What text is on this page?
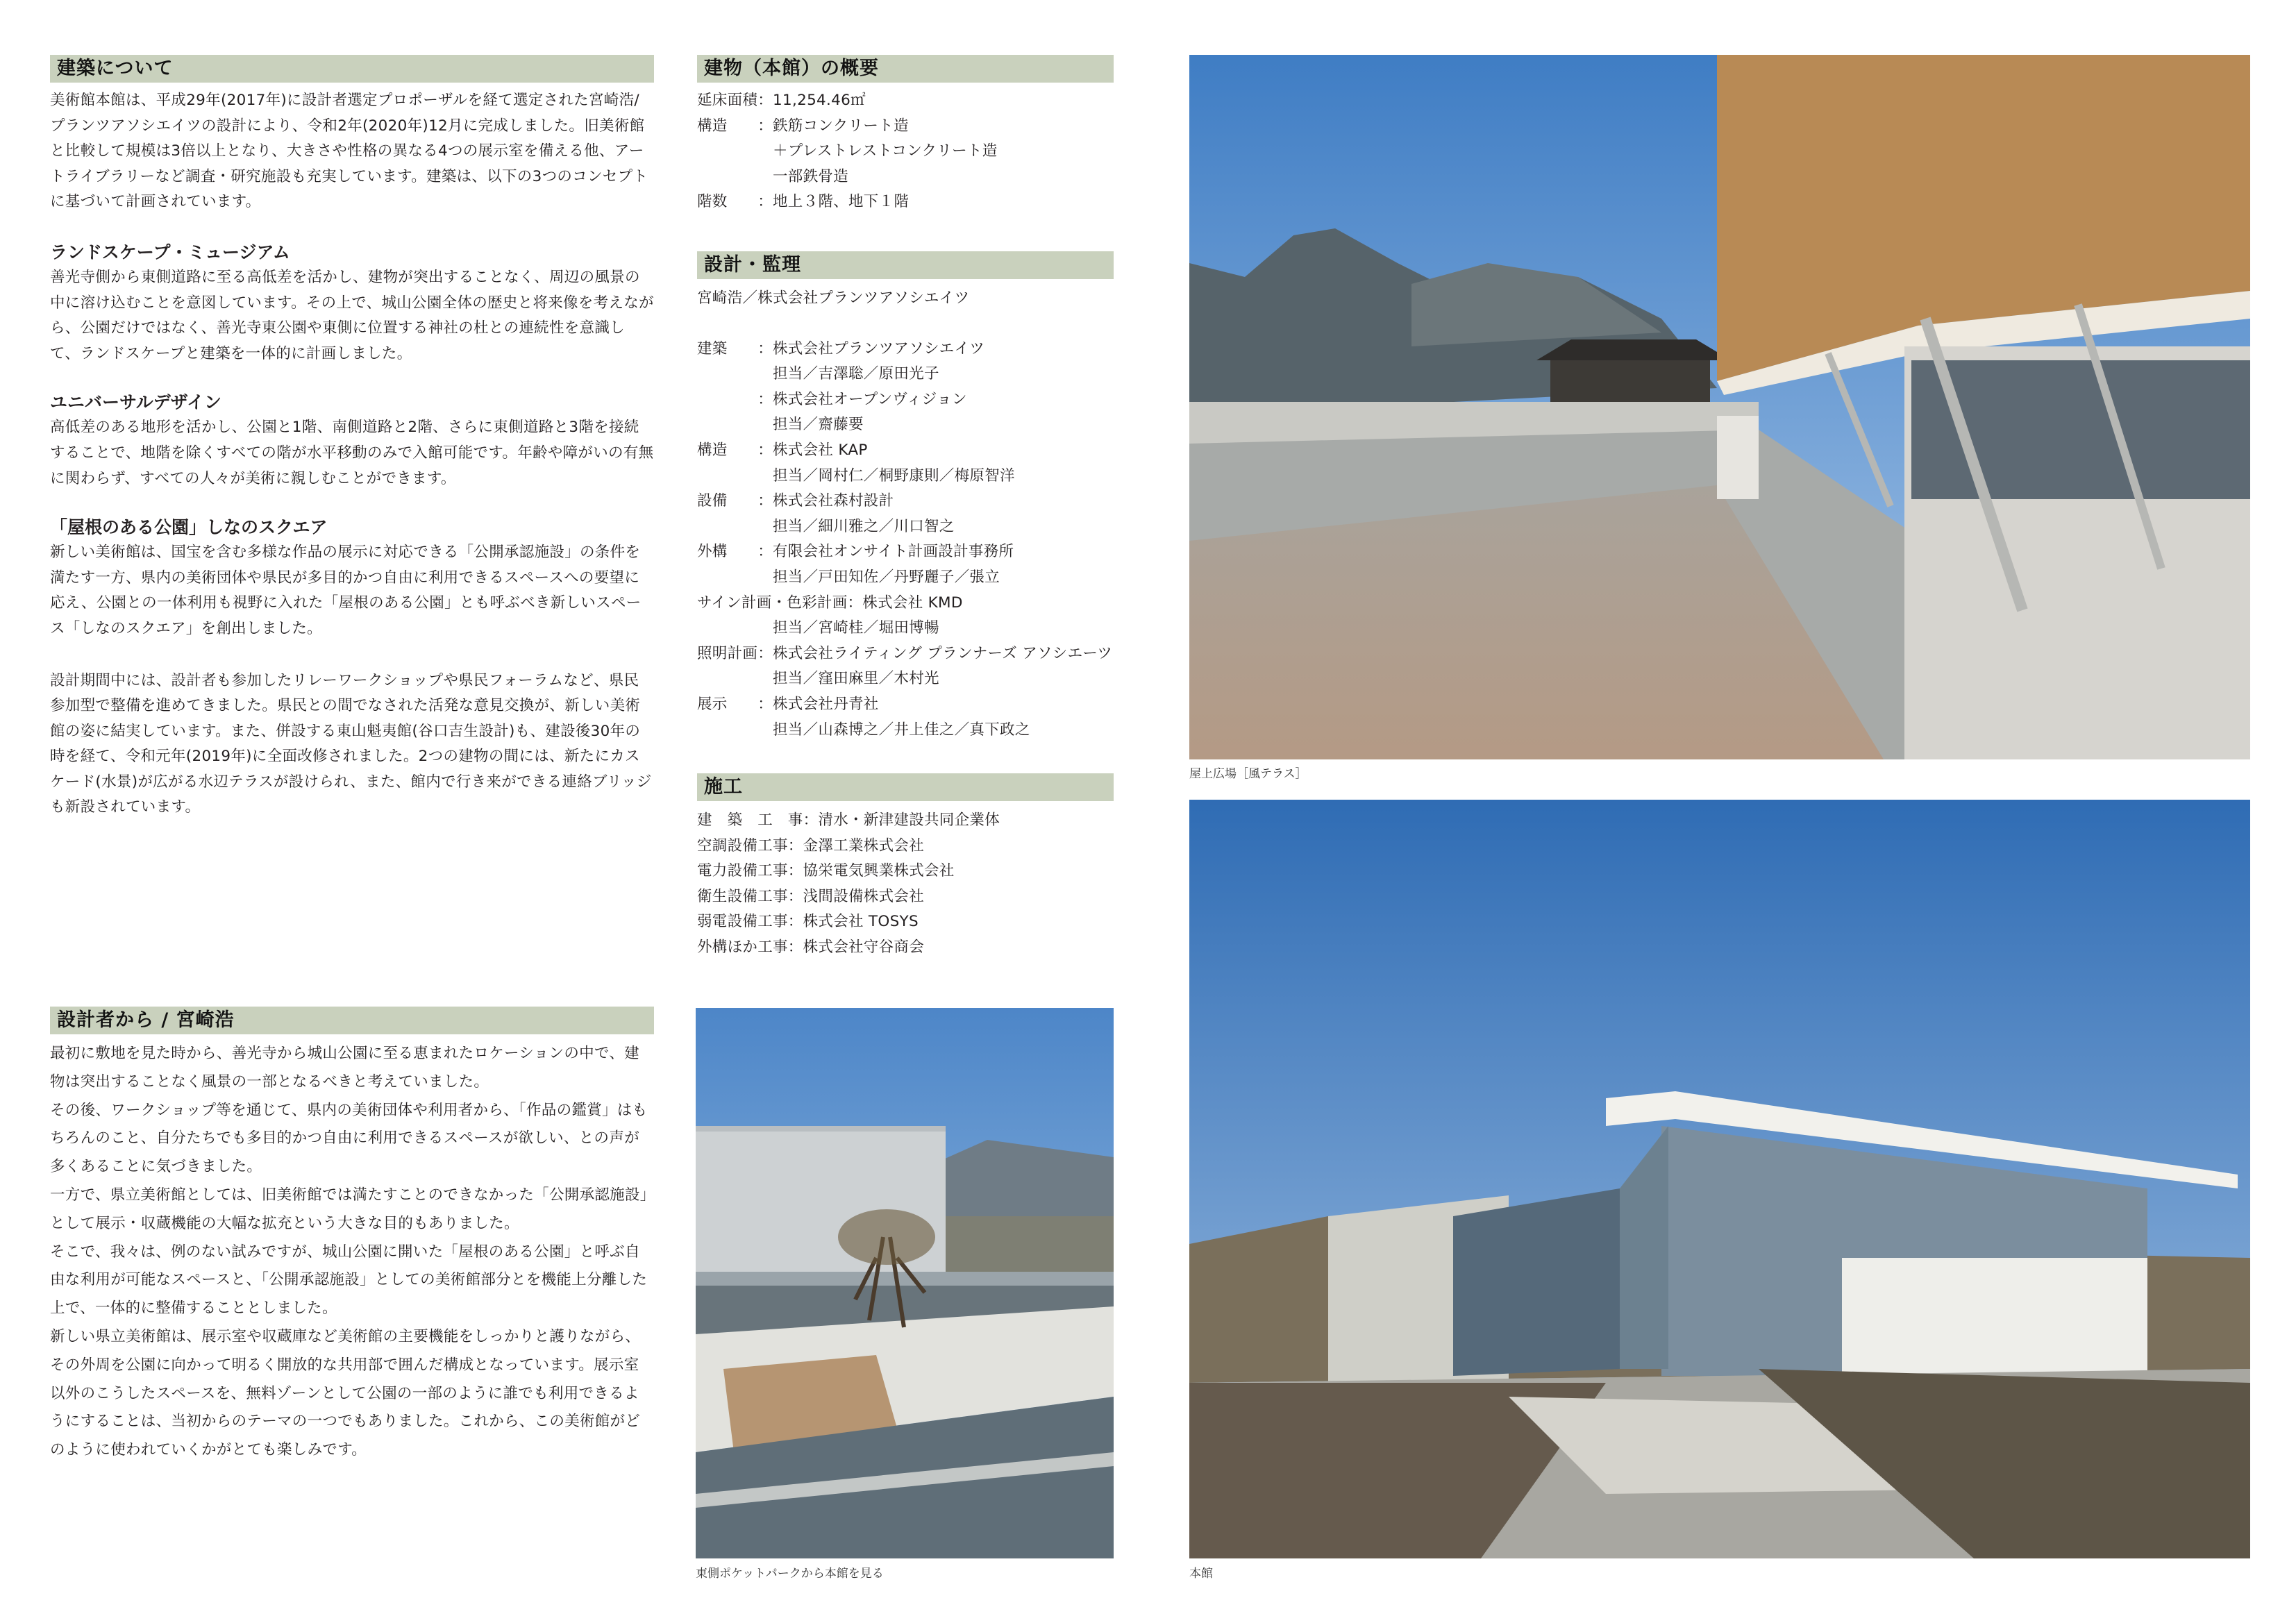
建築について

美術館本館は、平成29年(2017年)に設計者選定プロポーザルを経て選定された宮崎浩/プランツアソシエイツの設計により、令和2年(2020年)12月に完成しました。旧美術館と比較して規模は3倍以上となり、大きさや性格の異なる4つの展示室を備える他、アートライブラリーなど調査・研究施設も充実しています。建築は、以下の3つのコンセプトに基づいて計画されています。

ランドスケープ・ミュージアム

善光寺側から東側道路に至る高低差を活かし、建物が突出することなく、周辺の風景の中に溶け込むことを意図しています。その上で、城山公園全体の歴史と将来像を考えながら、公園だけではなく、善光寺東公園や東側に位置する神社の杜との連続性を意識して、ランドスケープと建築を一体的に計画しました。

ユニバーサルデザイン

高低差のある地形を活かし、公園と1階、南側道路と2階、さらに東側道路と3階を接続することで、地階を除くすべての階が水平移動のみで入館可能です。年齢や障がいの有無に関わらず、すべての人々が美術に親しむことができます。

「屋根のある公園」しなのスクエア

新しい美術館は、国宝を含む多様な作品の展示に対応できる「公開承認施設」の条件を満たす一方、県内の美術団体や県民が多目的かつ自由に利用できるスペースへの要望に応え、公園との一体利用も視野に入れた「屋根のある公園」とも呼ぶべき新しいスペース「しなのスクエア」を創出しました。

設計期間中には、設計者も参加したリレーワークショップや県民フォーラムなど、県民参加型で整備を進めてきました。県民との間でなされた活発な意見交換が、新しい美術館の姿に結実しています。また、併設する東山魁夷館(谷口吉生設計)も、建設後30年の時を経て、令和元年(2019年)に全面改修されました。2つの建物の間には、新たにカスケード(水景)が広がる水辺テラスが設けられ、また、館内で行き来ができる連絡ブリッジも新設されています。

設計者から / 宮崎浩

最初に敷地を見た時から、善光寺から城山公園に至る恵まれたロケーションの中で、建物は突出することなく風景の一部となるべきと考えていました。
その後、ワークショップ等を通じて、県内の美術団体や利用者から、「作品の鑑賞」はもちろんのこと、自分たちでも多目的かつ自由に利用できるスペースが欲しい、との声が多くあることに気づきました。
一方で、県立美術館としては、旧美術館では満たすことのできなかった「公開承認施設」として展示・収蔵機能の大幅な拡充という大きな目的もありました。
そこで、我々は、例のない試みですが、城山公園に開いた「屋根のある公園」と呼ぶ自由な利用が可能なスペースと、「公開承認施設」としての美術館部分とを機能上分離した上で、一体的に整備することとしました。
新しい県立美術館は、展示室や収蔵庫など美術館の主要機能をしっかりと護りながら、その外周を公園に向かって明るく開放的な共用部で囲んだ構成となっています。展示室以外のこうしたスペースを、無料ゾーンとして公園の一部のように誰でも利用できるようにすることは、当初からのテーマの一つでもありました。これから、この美術館がどのように使われていくかがとても楽しみです。

建物（本館）の概要

延床面積：11,254.46㎡

構造　　：鉄筋コンクリート造

　　　　　＋プレストレストコンクリート造

　　　　　一部鉄骨造

階数　　：地上３階、地下１階

設計・監理

宮崎浩／株式会社プランツアソシエイツ

建築　　：株式会社プランツアソシエイツ

　　　　　担当／吉澤聡／原田光子

　　　　：株式会社オープンヴィジョン

　　　　　担当／齋藤要

構造　　：株式会社 KAP

　　　　　担当／岡村仁／桐野康則／梅原智洋

設備　　：株式会社森村設計

　　　　　担当／細川雅之／川口智之

外構　　：有限会社オンサイト計画設計事務所

　　　　　担当／戸田知佐／丹野麗子／張立

サイン計画・色彩計画：株式会社 KMD

　　　　　担当／宮崎桂／堀田博暢

照明計画：株式会社ライティング プランナーズ アソシエーツ

　　　　　担当／窪田麻里／木村光

展示　　：株式会社丹青社

　　　　　担当／山森博之／井上佳之／真下政之

施工

建　築　工　事：清水・新津建設共同企業体

空調設備工事：金澤工業株式会社

電力設備工事：協栄電気興業株式会社

衛生設備工事：浅間設備株式会社

弱電設備工事：株式会社 TOSYS

外構ほか工事：株式会社守谷商会

東側ポケットパークから本館を見る
屋上広場［風テラス］
本館
